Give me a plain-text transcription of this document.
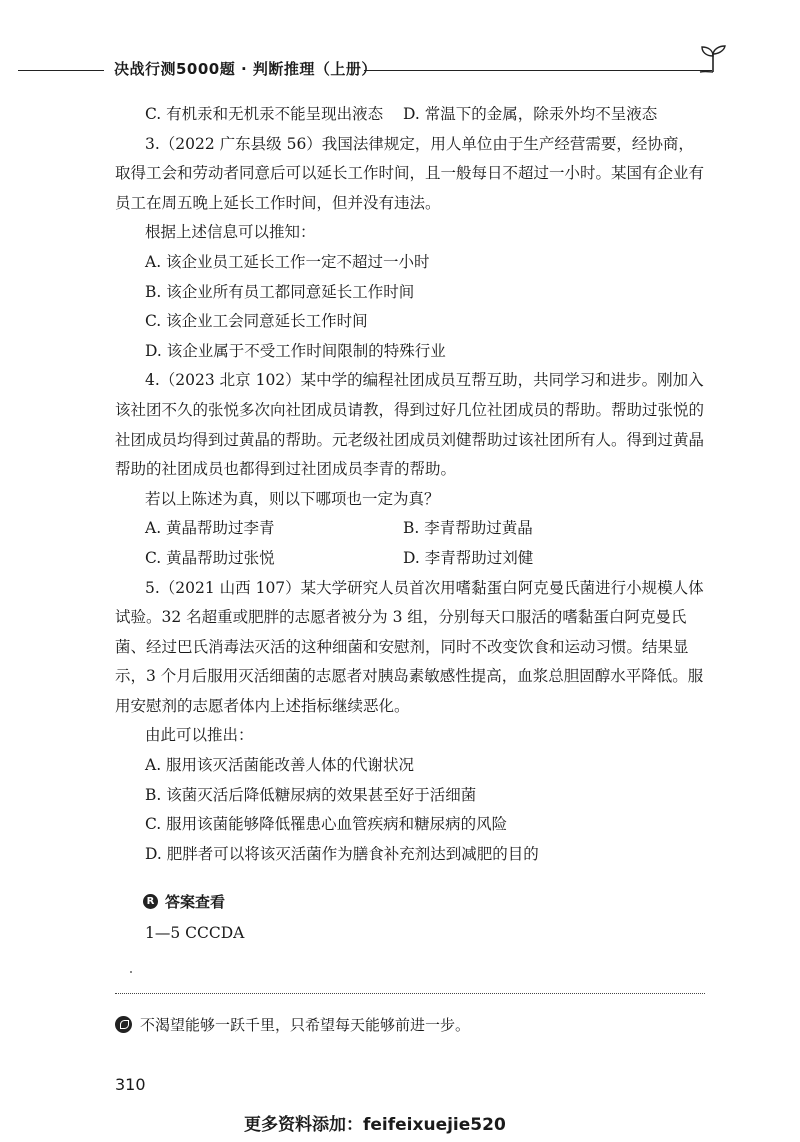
决战行测5000题 · 判断推理（上册）
C. 有机汞和无机汞不能呈现出液态	D. 常温下的金属，除汞外均不呈液态
3.（2022 广东县级 56）我国法律规定，用人单位由于生产经营需要，经协商，取得工会和劳动者同意后可以延长工作时间，且一般每日不超过一小时。某国有企业有员工在周五晚上延长工作时间，但并没有违法。
根据上述信息可以推知：
A. 该企业员工延长工作一定不超过一小时
B. 该企业所有员工都同意延长工作时间
C. 该企业工会同意延长工作时间
D. 该企业属于不受工作时间限制的特殊行业
4.（2023 北京 102）某中学的编程社团成员互帮互助，共同学习和进步。刚加入该社团不久的张悦多次向社团成员请教，得到过好几位社团成员的帮助。帮助过张悦的社团成员均得到过黄晶的帮助。元老级社团成员刘健帮助过该社团所有人。得到过黄晶帮助的社团成员也都得到过社团成员李青的帮助。
若以上陈述为真，则以下哪项也一定为真？
A. 黄晶帮助过李青	B. 李青帮助过黄晶
C. 黄晶帮助过张悦	D. 李青帮助过刘健
5.（2021 山西 107）某大学研究人员首次用嗜黏蛋白阿克曼氏菌进行小规模人体试验。32 名超重或肥胖的志愿者被分为 3 组，分别每天口服活的嗜黏蛋白阿克曼氏菌、经过巴氏消毒法灭活的这种细菌和安慰剂，同时不改变饮食和运动习惯。结果显示，3 个月后服用灭活细菌的志愿者对胰岛素敏感性提高，血浆总胆固醇水平降低。服用安慰剂的志愿者体内上述指标继续恶化。
由此可以推出：
A. 服用该灭活菌能改善人体的代谢状况
B. 该菌灭活后降低糖尿病的效果甚至好于活细菌
C. 服用该菌能够降低罹患心血管疾病和糖尿病的风险
D. 肥胖者可以将该灭活菌作为膳食补充剂达到减肥的目的
R 答案查看
1—5 CCCDA
不渴望能够一跃千里，只希望每天能够前进一步。
310
更多资料添加：feifeixuejie520
